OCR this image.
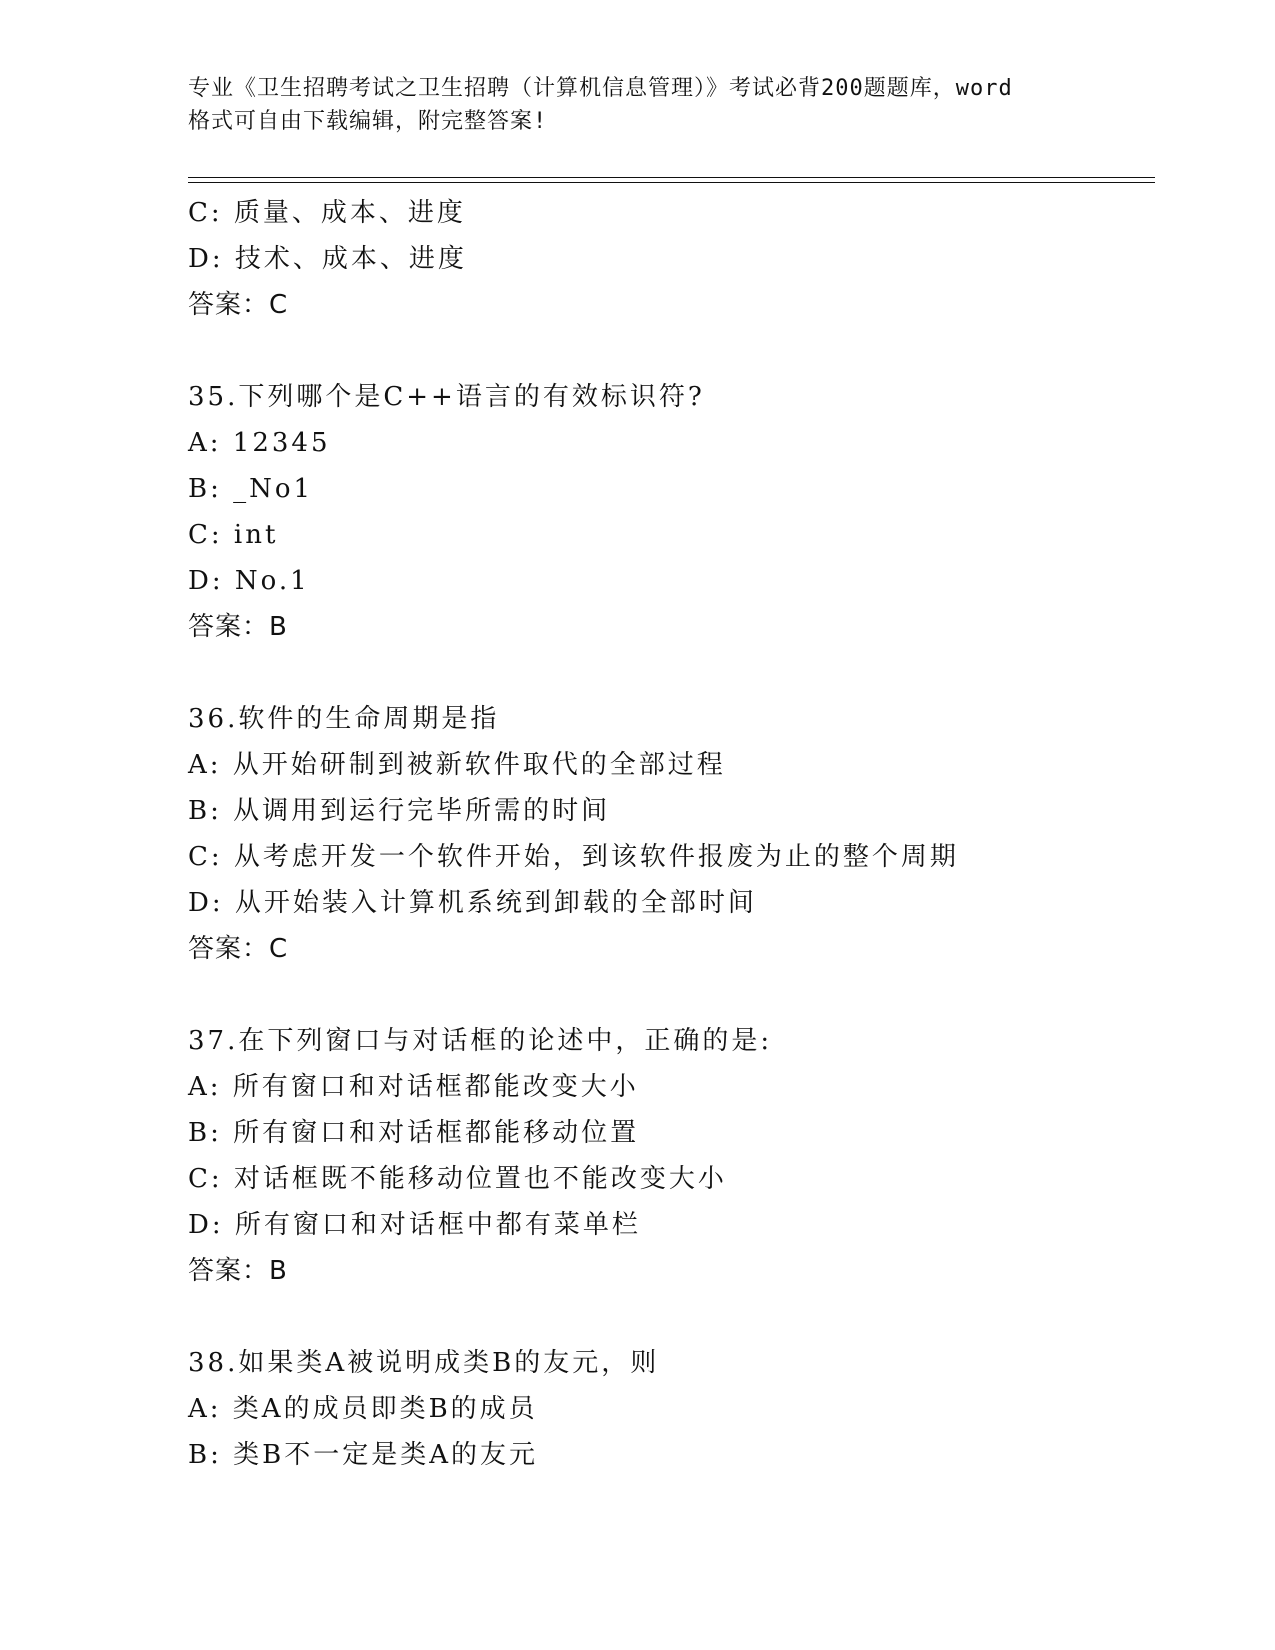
专业《卫生招聘考试之卫生招聘（计算机信息管理）》考试必背200题题库，word
格式可自由下载编辑，附完整答案!
C: 质量、成本、进度
D: 技术、成本、进度
答案：C
35.下列哪个是C++语言的有效标识符?
A: 12345
B: _No1
C: int
D: No.1
答案：B
36.软件的生命周期是指
A: 从开始研制到被新软件取代的全部过程
B: 从调用到运行完毕所需的时间
C: 从考虑开发一个软件开始，到该软件报废为止的整个周期
D: 从开始装入计算机系统到卸载的全部时间
答案：C
37.在下列窗口与对话框的论述中，正确的是:
A: 所有窗口和对话框都能改变大小
B: 所有窗口和对话框都能移动位置
C: 对话框既不能移动位置也不能改变大小
D: 所有窗口和对话框中都有菜单栏
答案：B
38.如果类A被说明成类B的友元，则
A: 类A的成员即类B的成员
B: 类B不一定是类A的友元
